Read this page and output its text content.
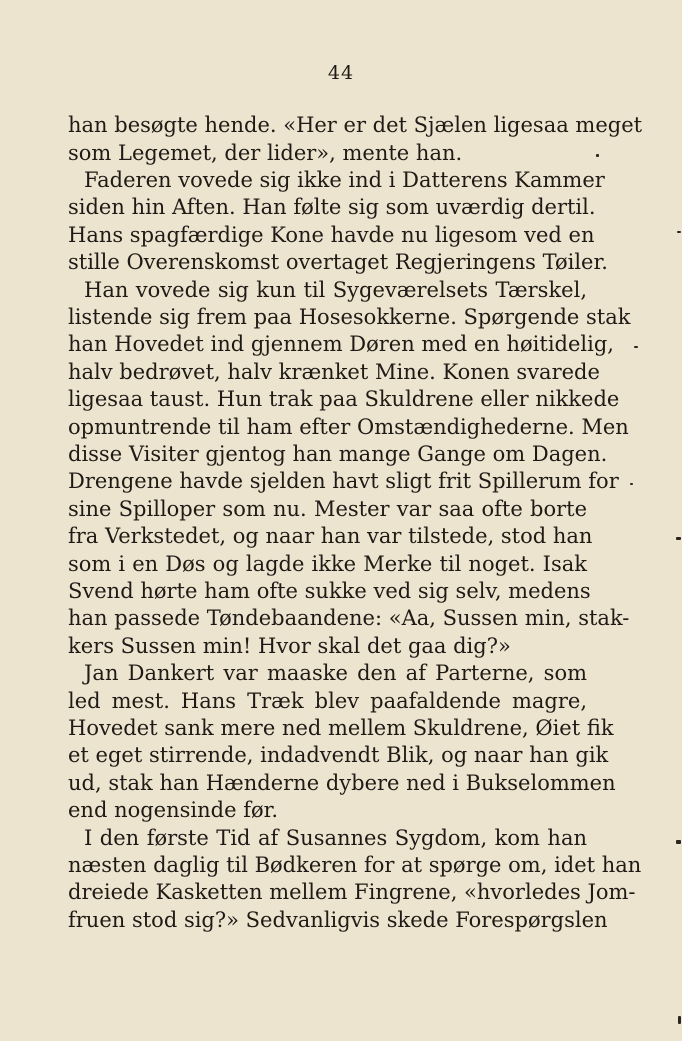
44

han besøgte hende. «Her er det Sjælen ligesaa meget

som Legemet, der lider», mente han.

Faderen vovede sig ikke ind i Datterens Kammer

siden hin Aften. Han følte sig som uværdig dertil.

Hans spagfærdige Kone havde nu ligesom ved en

stille Overenskomst overtaget Regjeringens Tøiler.

Han vovede sig kun til Sygeværelsets Tærskel,

listende sig frem paa Hosesokkerne. Spørgende stak

han Hovedet ind gjennem Døren med en høitidelig,

halv bedrøvet, halv krænket Mine. Konen svarede

ligesaa taust. Hun trak paa Skuldrene eller nikkede

opmuntrende til ham efter Omstændighederne. Men

disse Visiter gjentog han mange Gange om Dagen.

Drengene havde sjelden havt sligt frit Spillerum for

sine Spilloper som nu. Mester var saa ofte borte

fra Verkstedet, og naar han var tilstede, stod han

som i en Døs og lagde ikke Merke til noget. Isak

Svend hørte ham ofte sukke ved sig selv, medens

han passede Tøndebaandene: «Aa, Sussen min, stak-

kers Sussen min! Hvor skal det gaa dig?»

Jan Dankert var maaske den af Parterne, som

led mest. Hans Træk blev paafaldende magre,

Hovedet sank mere ned mellem Skuldrene, Øiet fik

et eget stirrende, indadvendt Blik, og naar han gik

ud, stak han Hænderne dybere ned i Bukselommen

end nogensinde før.

I den første Tid af Susannes Sygdom, kom han

næsten daglig til Bødkeren for at spørge om, idet han

dreiede Kasketten mellem Fingrene, «hvorledes Jom-

fruen stod sig?» Sedvanligvis skede Forespørgslen
